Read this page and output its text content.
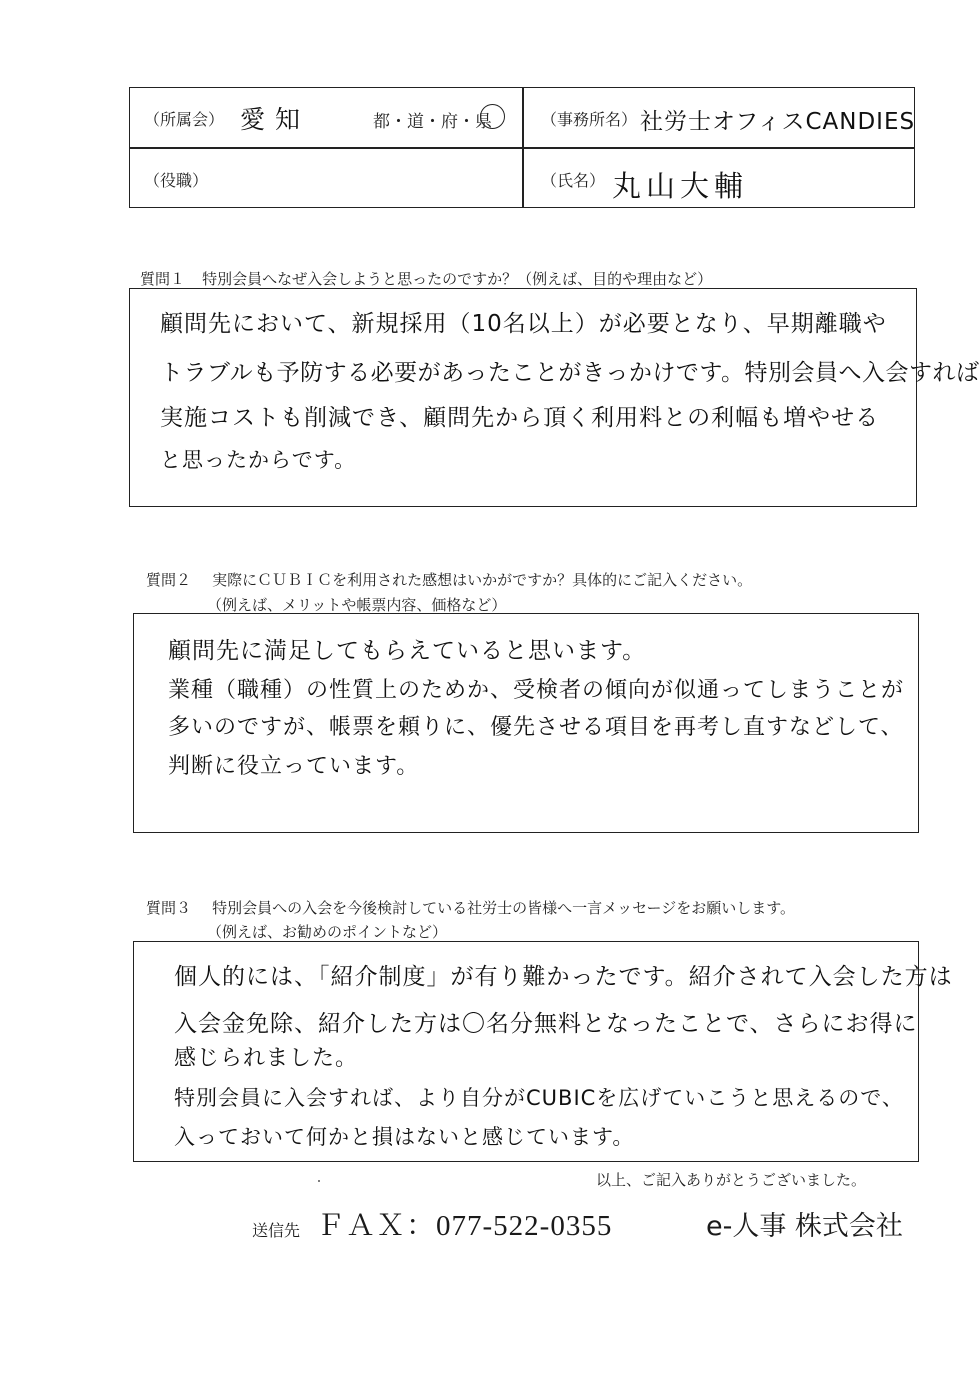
（所属会） 愛 知	都・道・府・県	（事務所名） 社労士オフィスCANDIES
（役職）	（氏名） 丸山大輔
質問１ 特別会員へなぜ入会しようと思ったのですか？（例えば、目的や理由など）
顧問先において、新規採用（10名以上）が必要となり、早期離職や
トラブルも予防する必要があったことがきっかけです。特別会員へ入会すれば
実施コストも削減でき、顧問先から頂く利用料との利幅も増やせる
と思ったからです。
質問２ 実際にＣＵＢＩＣを利用された感想はいかがですか？具体的にご記入ください。
（例えば、メリットや帳票内容、価格など）
顧問先に満足してもらえていると思います。
業種（職種）の性質上のためか、受検者の傾向が似通ってしまうことが
多いのですが、帳票を頼りに、優先させる項目を再考し直すなどして、
判断に役立っています。
質問３ 特別会員への入会を今後検討している社労士の皆様へ一言メッセージをお願いします。
（例えば、お勧めのポイントなど）
個人的には、「紹介制度」が有り難かったです。紹介されて入会した方は
入会金免除、紹介した方は〇名分無料となったことで、さらにお得に
感じられました。
特別会員に入会すれば、より自分がCUBICを広げていこうと思えるので、
入っておいて何かと損はないと感じています。
以上、ご記入ありがとうございました。
送信先 ＦＡＸ：077-522-0355	e-人事 株式会社
